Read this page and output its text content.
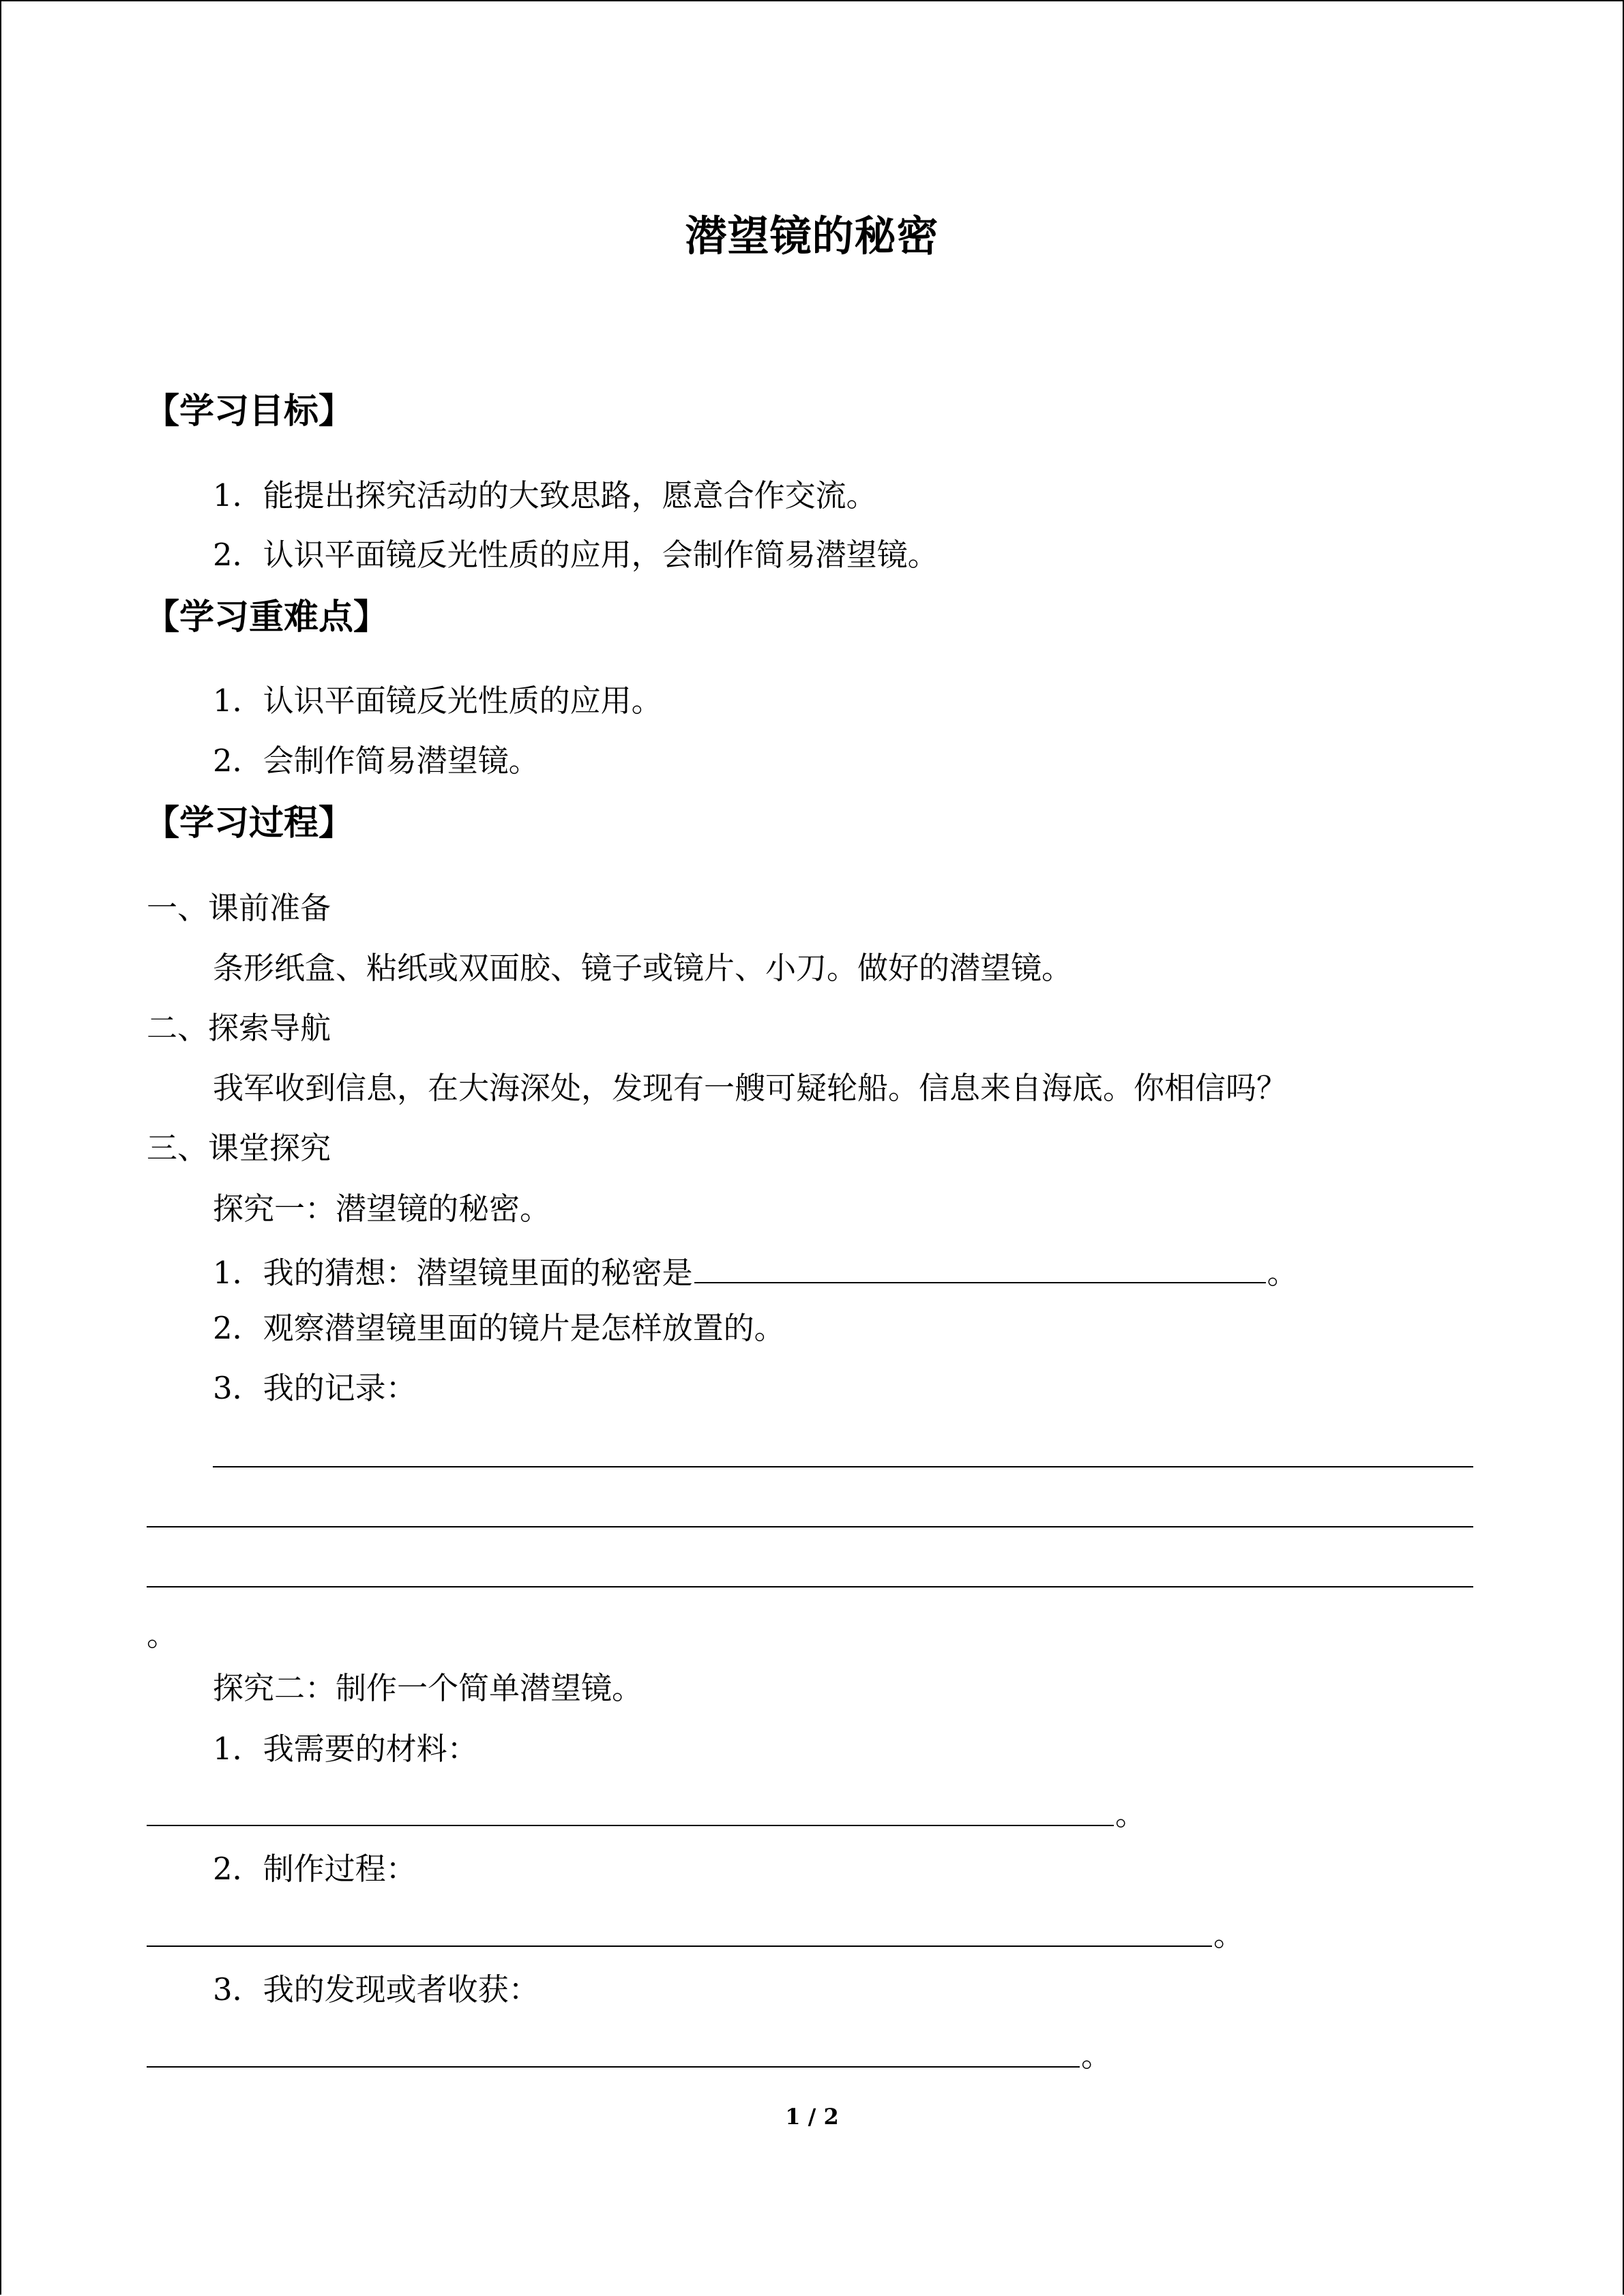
潜望镜的秘密
【学习目标】
1．能提出探究活动的大致思路，愿意合作交流。
2．认识平面镜反光性质的应用，会制作简易潜望镜。
【学习重难点】
1．认识平面镜反光性质的应用。
2．会制作简易潜望镜。
【学习过程】
一、课前准备
条形纸盒、粘纸或双面胶、镜子或镜片、小刀。做好的潜望镜。
二、探索导航
我军收到信息，在大海深处，发现有一艘可疑轮船。信息来自海底。你相信吗？
三、课堂探究
探究一：潜望镜的秘密。
1．我的猜想：潜望镜里面的秘密是	。
2．观察潜望镜里面的镜片是怎样放置的。
3．我的记录：
。
探究二：制作一个简单潜望镜。
1．我需要的材料：
。
2．制作过程：
。
3．我的发现或者收获：
。
1 / 2
